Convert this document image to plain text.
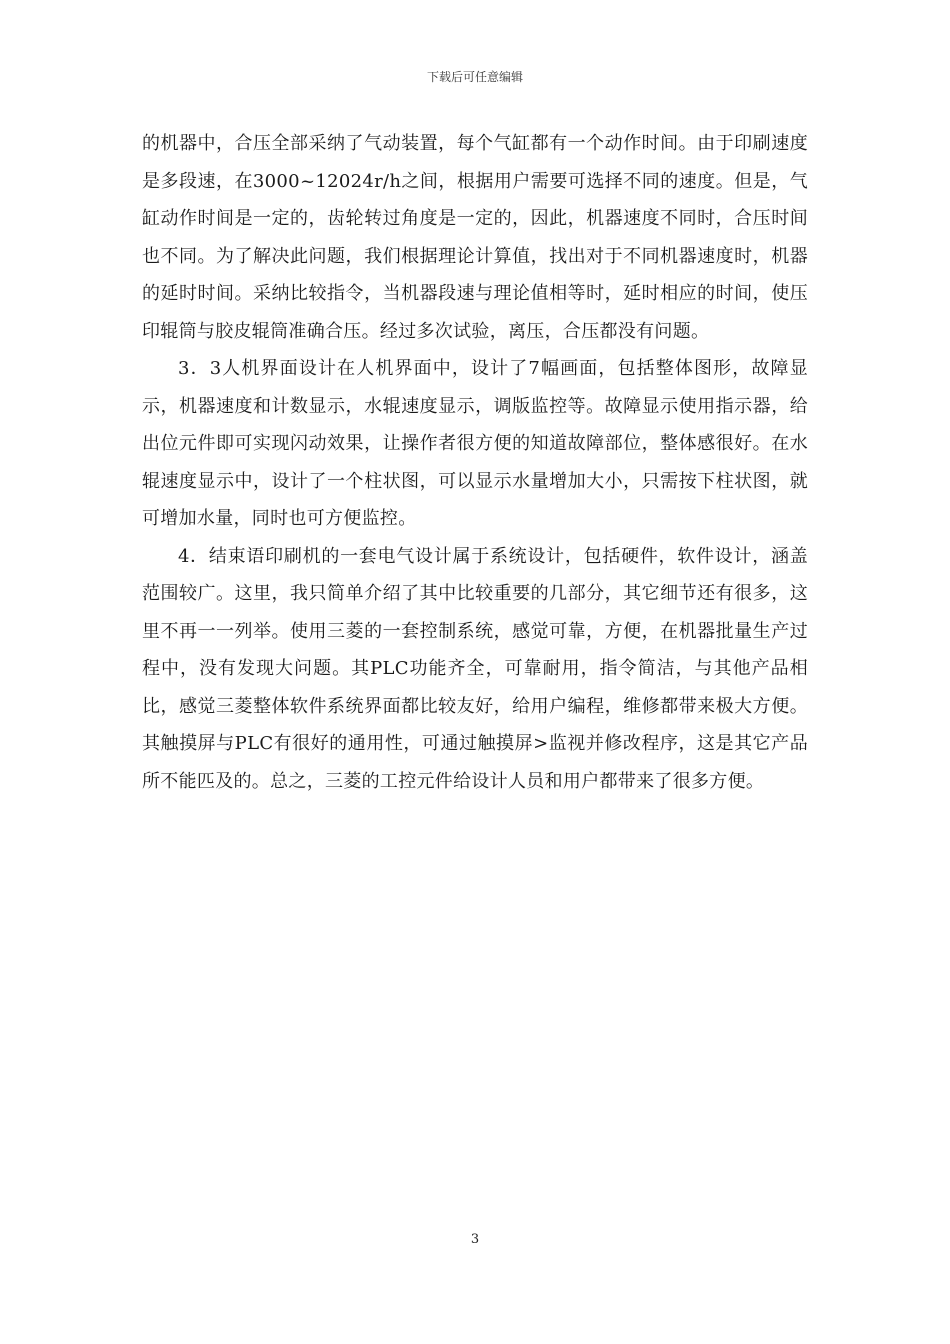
下载后可任意编辑

的机器中，合压全部采纳了气动装置，每个气缸都有一个动作时间。由于印刷速度是多段速，在3000~12024r/h之间，根据用户需要可选择不同的速度。但是，气缸动作时间是一定的，齿轮转过角度是一定的，因此，机器速度不同时，合压时间也不同。为了解决此问题，我们根据理论计算值，找出对于不同机器速度时，机器的延时时间。采纳比较指令，当机器段速与理论值相等时，延时相应的时间，使压印辊筒与胶皮辊筒准确合压。经过多次试验，离压，合压都没有问题。

3．3人机界面设计在人机界面中，设计了7幅画面，包括整体图形，故障显示，机器速度和计数显示，水辊速度显示，调版监控等。故障显示使用指示器，给出位元件即可实现闪动效果，让操作者很方便的知道故障部位，整体感很好。在水辊速度显示中，设计了一个柱状图，可以显示水量增加大小，只需按下柱状图，就可增加水量，同时也可方便监控。

4．结束语印刷机的一套电气设计属于系统设计，包括硬件，软件设计，涵盖范围较广。这里，我只简单介绍了其中比较重要的几部分，其它细节还有很多，这里不再一一列举。使用三菱的一套控制系统，感觉可靠，方便，在机器批量生产过程中，没有发现大问题。其PLC功能齐全，可靠耐用，指令简洁，与其他产品相比，感觉三菱整体软件系统界面都比较友好，给用户编程，维修都带来极大方便。其触摸屏与PLC有很好的通用性，可通过触摸屏>监视并修改程序，这是其它产品所不能匹及的。总之，三菱的工控元件给设计人员和用户都带来了很多方便。

3
